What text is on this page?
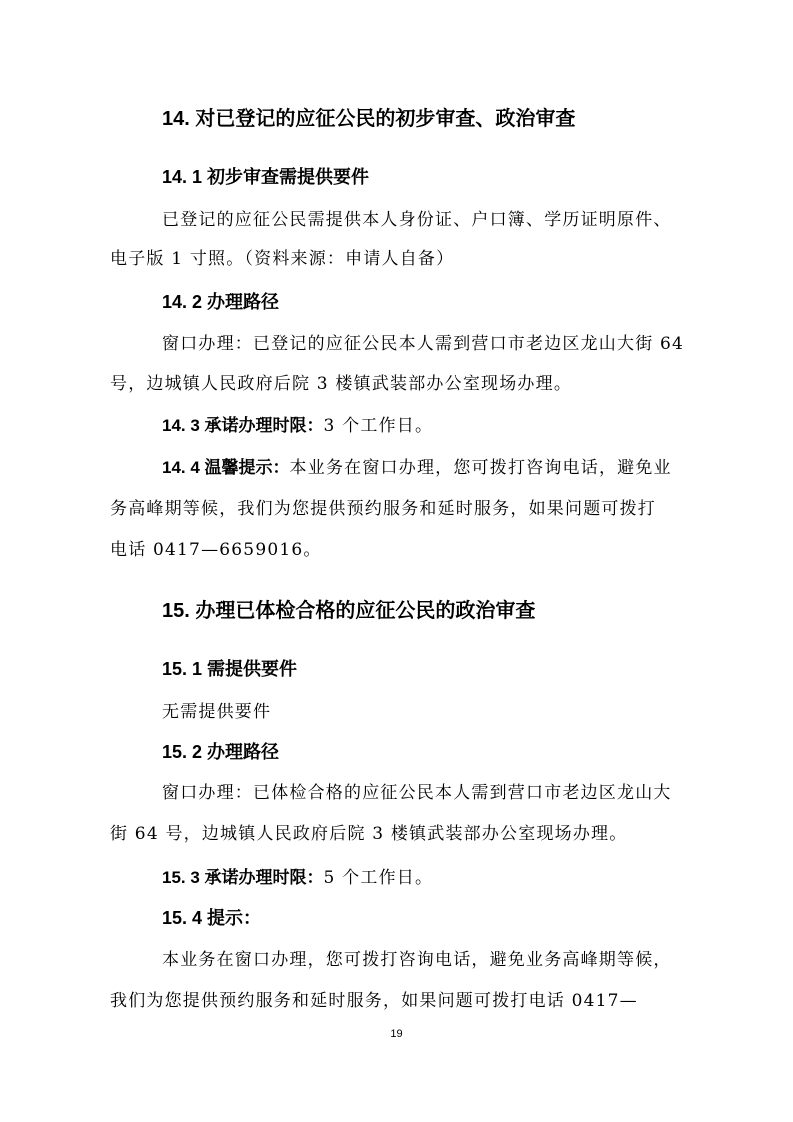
14. 对已登记的应征公民的初步审查、政治审查
14. 1 初步审查需提供要件
已登记的应征公民需提供本人身份证、户口簿、学历证明原件、
电子版 1 寸照。（资料来源：申请人自备）
14. 2 办理路径
窗口办理：已登记的应征公民本人需到营口市老边区龙山大街 64
号，边城镇人民政府后院 3 楼镇武装部办公室现场办理。
14. 3 承诺办理时限：3 个工作日。
14. 4 温馨提示：本业务在窗口办理，您可拨打咨询电话，避免业
务高峰期等候，我们为您提供预约服务和延时服务，如果问题可拨打
电话 0417—6659016。
15. 办理已体检合格的应征公民的政治审查
15. 1 需提供要件
无需提供要件
15. 2 办理路径
窗口办理：已体检合格的应征公民本人需到营口市老边区龙山大
街 64 号，边城镇人民政府后院 3 楼镇武装部办公室现场办理。
15. 3 承诺办理时限：5 个工作日。
15. 4 提示：
本业务在窗口办理，您可拨打咨询电话，避免业务高峰期等候，
我们为您提供预约服务和延时服务，如果问题可拨打电话 0417—
19
